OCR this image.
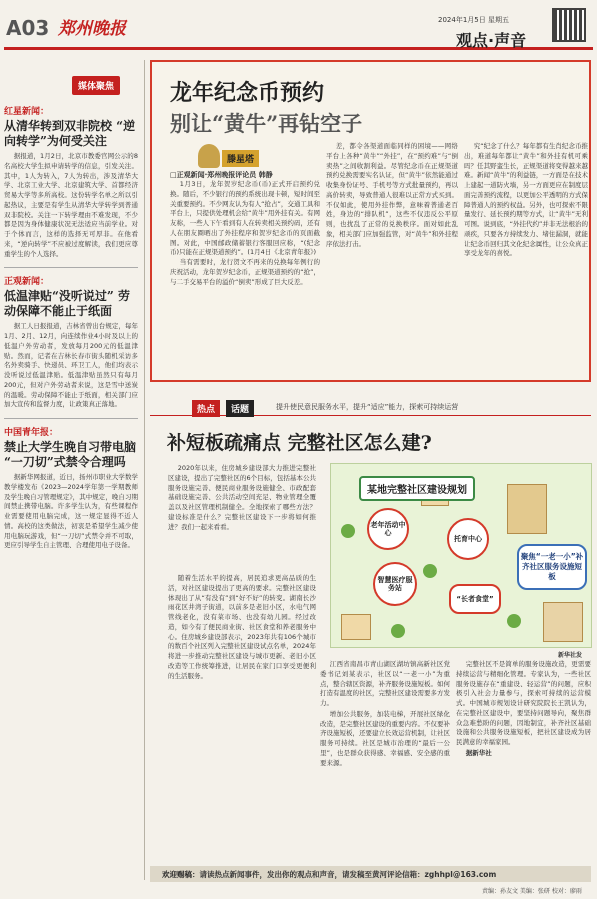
A03 郑州晚报	2024年1月5日 星期五
观点·声音
媒体聚焦
红星新闻：
从清华转到双非院校 “逆向转学”为何受关注
据报道，1月2日，北京市教委官网公示的8名高校大学生拟申请转学的信息，引发关注。其中，1人为转入，7人为转出，涉及清华大学、北京工业大学、北京建筑大学、首都经济贸易大学等多所高校。这份转学名单之所以引起热议，主要是有学生从清华大学转学到普通双非院校。关注一下转学理由不难发现，不少都是因为身体健康状况无法适应当前学业。对于个体而言，这样的选择无可厚非。在他看来，“逆向转学”不应被过度解读，我们更应尊重学生的个人选择。
正观新闻：
低温津贴“没听说过” 劳动保障不能止于纸面
据工人日报报道，吉林省曾出台规定，每年1月、2月、12月，向连续作业4小时及以上的低温户外劳动者，发放每月200元的低温津贴。然而，记者在吉林长春市街头随机采访多名外卖骑手、快递员、环卫工人，他们均表示没听说过低温津贴。低温津贴虽然只有每月200元，但对户外劳动者来说，这是雪中送炭的温暖。劳动保障不能止于纸面，相关部门应加大宣传和监督力度，让政策真正落地。
中国青年报：
禁止大学生晚自习带电脑 “一刀切”式禁令合理吗
据新华网报道，近日，扬州市职业大学数学教学楼发布《2023—2024学年第一学期教师及学生晚自习管理规定》，其中规定，晚自习期间禁止携带电脑。许多学生认为，有些课程作业需要使用电脑完成，这一规定显得不近人情。高校的这类做法，初衷是希望学生减少使用电脑玩游戏，但“一刀切”式禁令并不可取，更应引导学生自主管理、合理使用电子设备。
龙年纪念币预约
别让“黄牛”再钻空子
滕星塔
□正观新闻·郑州晚报评论员 韩静

1月3日，龙年贺岁纪念币(币)正式开启预约兑换。随后，不少银行的预约系统出现卡顿，短时间至关重要预约。不少网友认为有人“抢占”，交通工具和平台上，只提供处理机会给“黄牛”用外挂有关。有网友称，一些人下午看到有人在转卖相关预约码，还有人在朋友圈晒出了外挂程序和贺岁纪念币的页面截图。对此，中国邮政储蓄银行客服回应称，“(纪念币)只能在正规渠道预约”。(1月4日《北京青年报》)

当有需要时，龙行贺文不再来的兑换每年例行的庆祝活动，龙年贺岁纪念币，正规渠道预约的“抢”，与二手交易平台的溢价“倒卖”形成了巨大反差。

差，都令各渠道面临同样的困境——网络平台上各种“黄牛”“外挂”，在“预约难”与“倒卖热”之间收割利益。尽管纪念币在正规渠道预约兑换需要实名认证，但“黄牛”依然能通过收集身份证号、手机号等方式批量预约，再以高价转卖，导致普通人很难以正常方式买到。不仅如此，使用外挂作弊，意味着普通老百姓，身边的“排队机”，这些不仅违反公平原则，也扰乱了正常的兑换秩序。面对如此乱象，相关部门应加强监管，对“黄牛”和外挂程序依法打击。

究“纪念了什么？每年都有生肖纪念币推出，难道每年都让“黄牛”和外挂有机可乘吗？任其野蛮生长，正规渠道将变得越来越难。新闻“黄牛”的利益链，一方面是在技术上建起一道防火墙，另一方面更应在制度层面完善预约流程，以更加公平透明的方式保障普通人的预约权益。另外，也可探索不限量发行、延长预约期等方式，让“黄牛”无利可图。说到底，“外挂代约”并非无法根治的顽疾，只要各方持续发力、堵住漏洞，就能让纪念币回归其文化纪念属性，让公众真正享受龙年的喜悦。

热点	话题	提升使民意民服务水平，提升“适应”能力，探索可持续运营
补短板疏痛点 完整社区怎么建?
2020年以来，住房城乡建设部大力推进完整社区建设，提出了完整社区的6个目标，包括基本公共服务设施完善、便民商业服务设施健全、市政配套基础设施完善、公共活动空间充足、物业管理全覆盖以及社区管理机制健全。全地探索了哪些方法？建设标准是什么？完整社区建设下一步将如何推进？我们一起来看看。
某地完整社区建设规划
老年活动中心
托育中心
智慧医疗服务站
“长者食堂”
聚焦“一老一小”补齐社区服务设施短板
新华社发

随着生活水平的提高，居民追求更高品质的生活，对社区建设提出了更高的要求。完整社区建设体现出了从“有没有”到“好不好”的转变。湖南长沙雨花区井湾子街道，以前多是老旧小区，水电气网管线老化，没有菜市场、也没有幼儿园。经过改造，如今有了便民商业街、社区食堂和养老服务中心。住房城乡建设部表示，2023年共有106个城市的数百个社区列入完整社区建设试点名单，2024年将进一步推动完整社区建设与城市更新、老旧小区改造等工作统筹推进，让居民在家门口享受更便利的生活服务。

江西省南昌市青山湖区湖坊镇高新社区党委书记刘某表示，社区以“一老一小”为重点，整合辖区资源，补齐服务设施短板。如何打造有温度的社区，完整社区建设需要多方发力。

增加公共服务，加装电梯，开展社区绿化改造，是完整社区建设的重要内容。不仅要补齐设施短板，还要建立长效运营机制，让社区服务可持续。社区是城市治理的“最后一公里”，也是群众获得感、幸福感、安全感的重要来源。

完整社区不是简单的服务设施改造，更需要持续运营与精细化管理。专家认为，一些社区服务设施存在“重建设、轻运营”的问题，应积极引入社会力量参与，探索可持续的运营模式。中国城市规划设计研究院院长王凯认为，在完整社区建设中，要坚持问题导向，聚焦群众急难愁盼的问题，因地制宜，补齐社区基础设施和公共服务设施短板，把社区建设成为居民满意的幸福家园。

据新华社

欢迎赐稿：请读热点新闻事件，发出你的观点和声音，请发稿至黄河评论信箱：zghhpl@163.com
责编：孙友文 美编：张研 校对：廖雨
